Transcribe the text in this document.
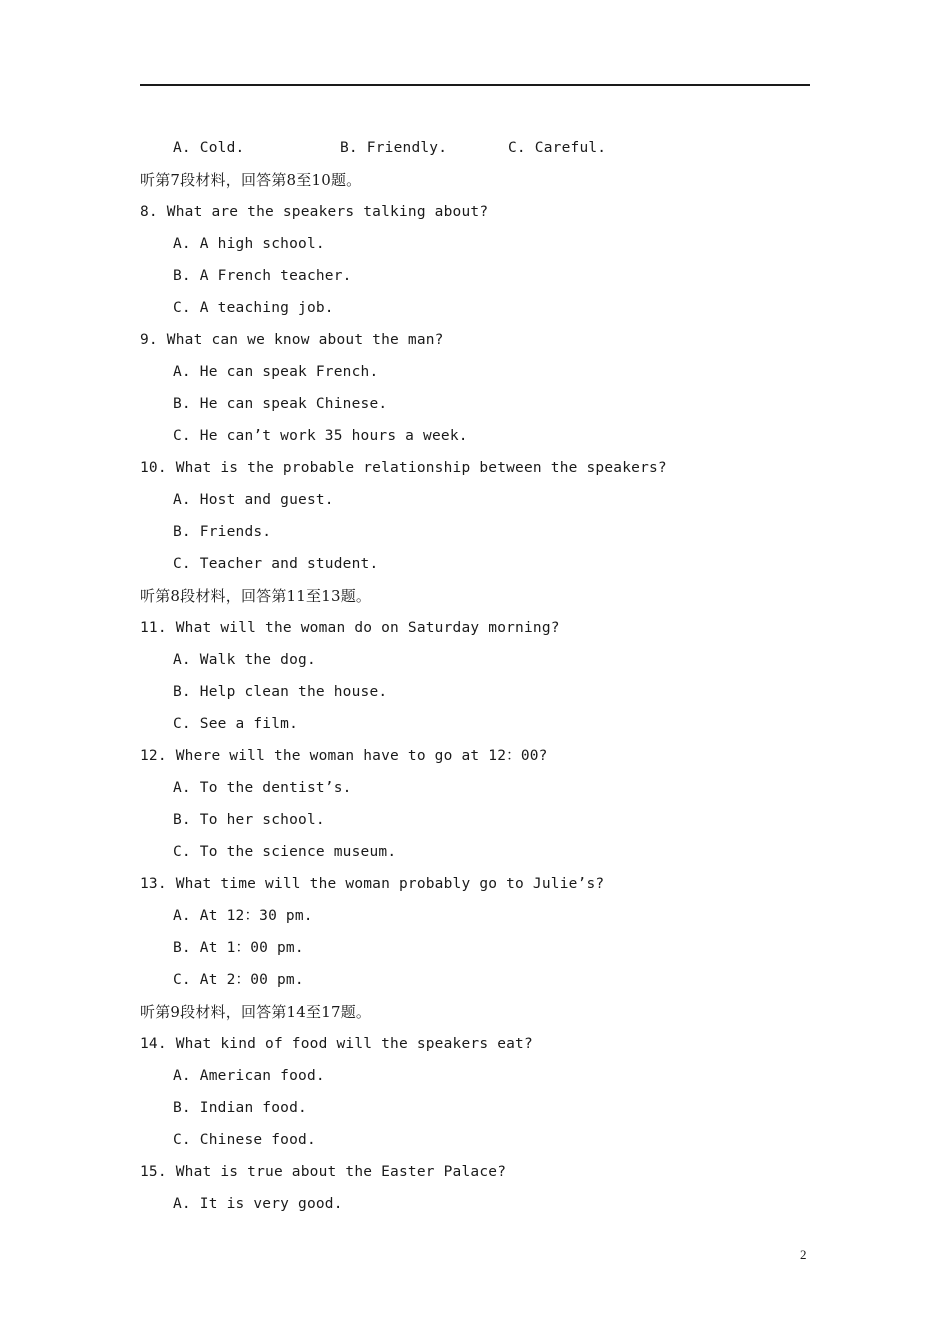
A. Cold.	B. Friendly.	C. Careful.
听第7段材料，回答第8至10题。
8. What are the speakers talking about?
A. A high school.
B. A French teacher.
C. A teaching job.
9. What can we know about the man?
A. He can speak French.
B. He can speak Chinese.
C. He can’t work 35 hours a week.
10. What is the probable relationship between the speakers?
A. Host and guest.
B. Friends.
C. Teacher and student.
听第8段材料，回答第11至13题。
11. What will the woman do on Saturday morning?
A. Walk the dog.
B. Help clean the house.
C. See a film.
12. Where will the woman have to go at 12：00?
A. To the dentist’s.
B. To her school.
C. To the science museum.
13. What time will the woman probably go to Julie’s?
A. At 12：30 pm.
B. At 1：00 pm.
C. At 2：00 pm.
听第9段材料，回答第14至17题。
14. What kind of food will the speakers eat?
A. American food.
B. Indian food.
C. Chinese food.
15. What is true about the Easter Palace?
A. It is very good.
2
